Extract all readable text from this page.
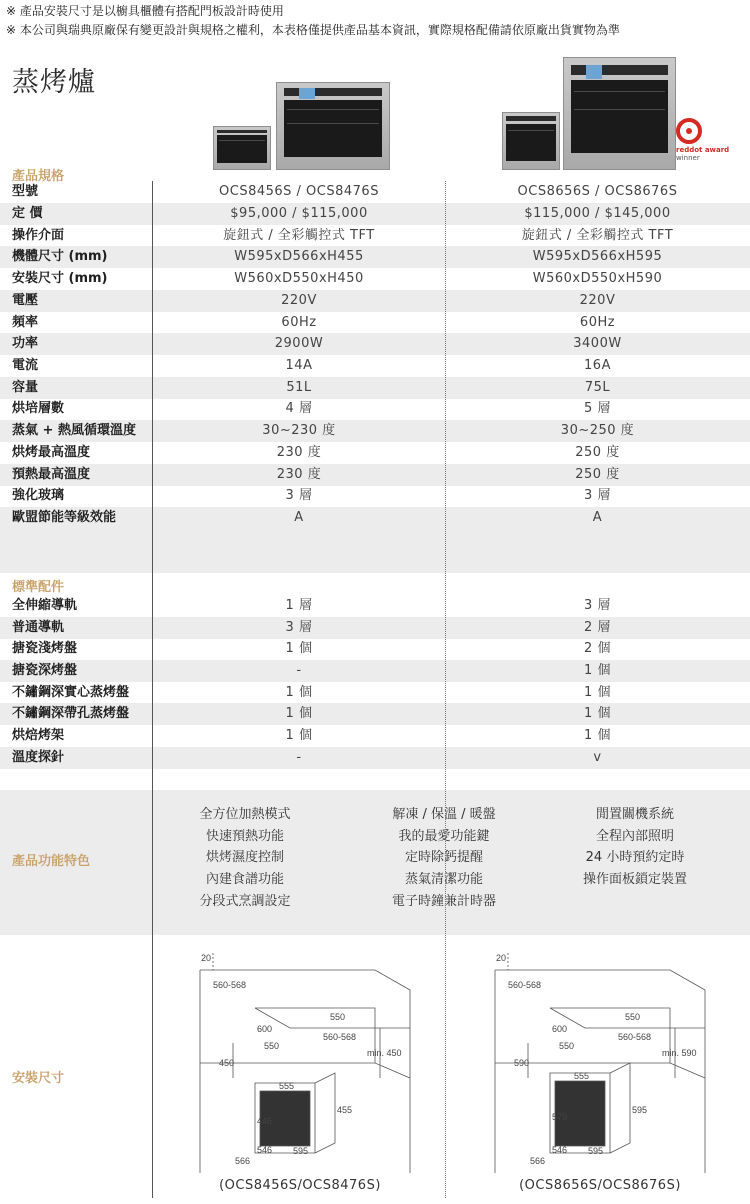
※ 產品安裝尺寸是以櫥具櫃體有搭配門板設計時使用
※ 本公司與瑞典原廠保有變更設計與規格之權利，本表格僅提供產品基本資訊，實際規格配備請依原廠出貨實物為準
蒸烤爐
reddot award
winner
產品規格
型號	OCS8456S / OCS8476S	OCS8656S / OCS8676S
定 價	$95,000 / $115,000	$115,000 / $145,000
操作介面	旋鈕式 / 全彩觸控式 TFT	旋鈕式 / 全彩觸控式 TFT
機體尺寸 (mm)	W595xD566xH455	W595xD566xH595
安裝尺寸 (mm)	W560xD550xH450	W560xD550xH590
電壓	220V	220V
頻率	60Hz	60Hz
功率	2900W	3400W
電流	14A	16A
容量	51L	75L
烘培層數	4 層	5 層
蒸氣 + 熱風循環溫度	30~230 度	30~250 度
烘烤最高溫度	230 度	250 度
預熱最高溫度	230 度	250 度
強化玻璃	3 層	3 層
歐盟節能等級效能	A	A
標準配件
全伸縮導軌	1 層	3 層
普通導軌	3 層	2 層
搪瓷淺烤盤	1 個	2 個
搪瓷深烤盤	-	1 個
不鏽鋼深實心蒸烤盤	1 個	1 個
不鏽鋼深帶孔蒸烤盤	1 個	1 個
烘焙烤架	1 個	1 個
溫度探針	-	v
產品功能特色
全方位加熱模式
快速預熱功能
烘烤濕度控制
內建食譜功能
分段式烹調設定
解凍 / 保溫 / 暖盤
我的最愛功能鍵
定時除鈣提醒
蒸氣清潔功能
電子時鐘兼計時器
閒置關機系統
全程內部照明
24 小時預約定時
操作面板鎖定裝置
安裝尺寸
20
560-568
600
550
550
560-568
min. 450
450
555
446
455
546
566
595
(OCS8456S/OCS8476S)
20
560-568
600
550
550
560-568
min. 590
590
555
579
595
546
566
595
(OCS8656S/OCS8676S)
